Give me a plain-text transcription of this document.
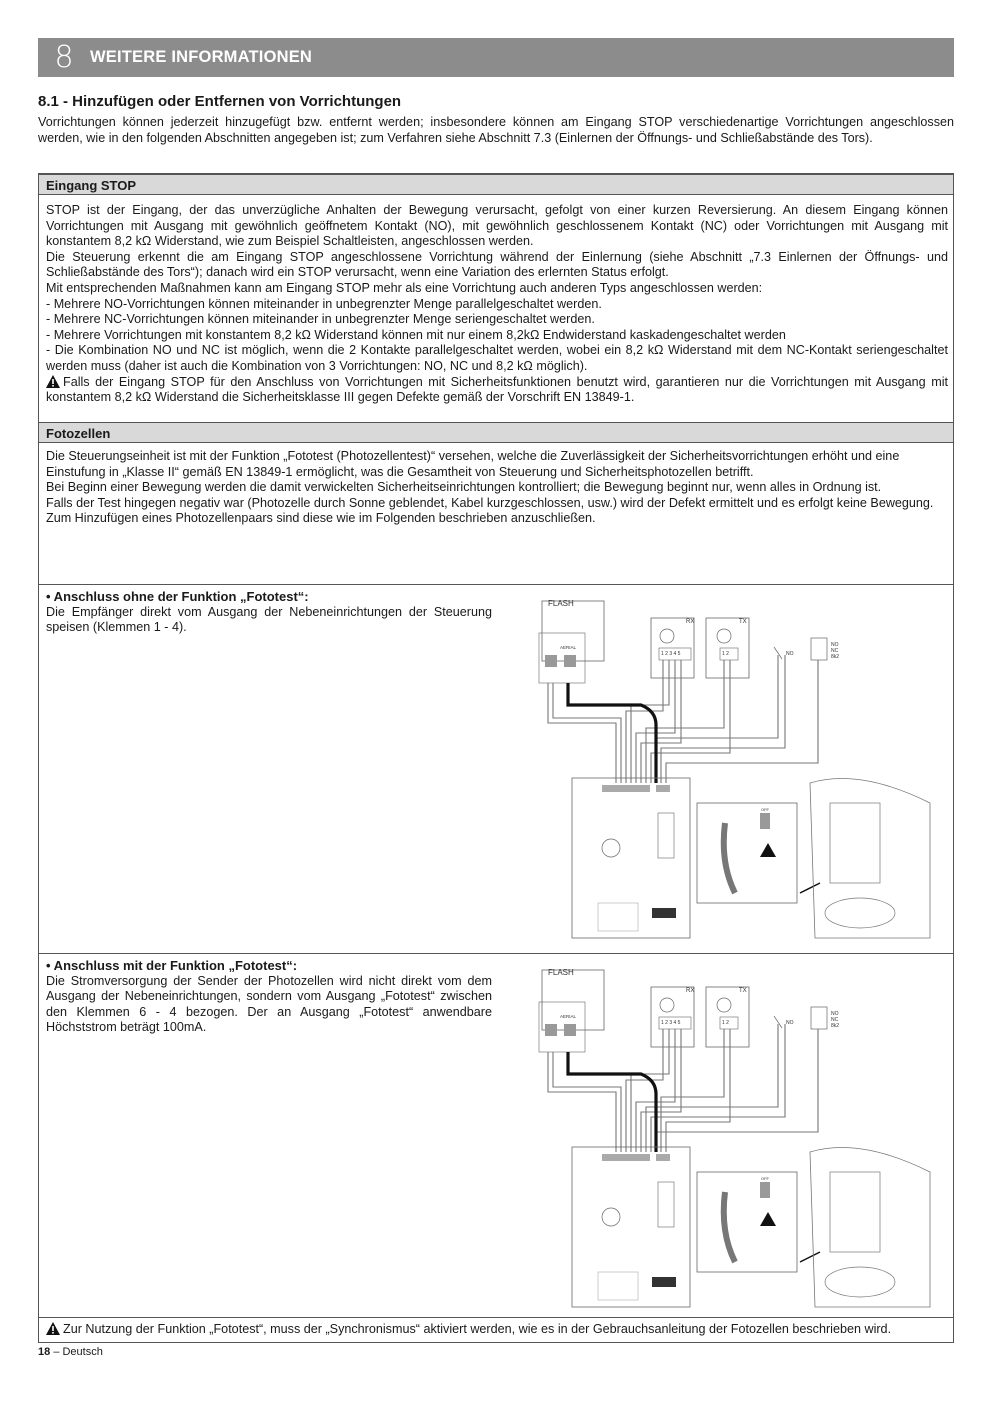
8 WEITERE INFORMATIONEN
8.1 - Hinzufügen oder Entfernen von Vorrichtungen
Vorrichtungen können jederzeit hinzugefügt bzw. entfernt werden; insbesondere können am Eingang STOP verschiedenartige Vorrichtungen angeschlossen werden, wie in den folgenden Abschnitten angegeben ist; zum Verfahren siehe Abschnitt 7.3 (Einlernen der Öffnungs- und Schließabstände des Tors).
Eingang STOP
STOP ist der Eingang, der das unverzügliche Anhalten der Bewegung verursacht, gefolgt von einer kurzen Reversierung. An diesem Eingang können Vorrichtungen mit Ausgang mit gewöhnlich geöffnetem Kontakt (NO), mit gewöhnlich geschlossenem Kontakt (NC) oder Vorrichtungen mit Ausgang mit konstantem 8,2 kΩ Widerstand, wie zum Beispiel Schaltleisten, angeschlossen werden.
Die Steuerung erkennt die am Eingang STOP angeschlossene Vorrichtung während der Einlernung (siehe Abschnitt „7.3 Einlernen der Öffnungs- und Schließabstände des Tors“); danach wird ein STOP verursacht, wenn eine Variation des erlernten Status erfolgt.
Mit entsprechenden Maßnahmen kann am Eingang STOP mehr als eine Vorrichtung auch anderen Typs angeschlossen werden:
- Mehrere NO-Vorrichtungen können miteinander in unbegrenzter Menge parallelgeschaltet werden.
- Mehrere NC-Vorrichtungen können miteinander in unbegrenzter Menge seriengeschaltet werden.
- Mehrere Vorrichtungen mit konstantem 8,2 kΩ Widerstand können mit nur einem 8,2kΩ Endwiderstand kaskadengeschaltet werden
- Die Kombination NO und NC ist möglich, wenn die 2 Kontakte parallelgeschaltet werden, wobei ein 8,2 kΩ Widerstand mit dem NC-Kontakt seriengeschaltet werden muss (daher ist auch die Kombination von 3 Vorrichtungen: NO, NC und 8,2 kΩ möglich).
Falls der Eingang STOP für den Anschluss von Vorrichtungen mit Sicherheitsfunktionen benutzt wird, garantieren nur die Vorrichtungen mit Ausgang mit konstantem 8,2 kΩ Widerstand die Sicherheitsklasse III gegen Defekte gemäß der Vorschrift EN 13849-1.
Fotozellen
Die Steuerungseinheit ist mit der Funktion „Fototest (Photozellentest)“ versehen, welche die Zuverlässigkeit der Sicherheitsvorrichtungen erhöht und eine Einstufung in „Klasse II“ gemäß EN 13849-1 ermöglicht, was die Gesamtheit von Steuerung und Sicherheitsphotozellen betrifft.
Bei Beginn einer Bewegung werden die damit verwickelten Sicherheitseinrichtungen kontrolliert; die Bewegung beginnt nur, wenn alles in Ordnung ist.
Falls der Test hingegen negativ war (Photozelle durch Sonne geblendet, Kabel kurzgeschlossen, usw.) wird der Defekt ermittelt und es erfolgt keine Bewegung.
Zum Hinzufügen eines Photozellenpaars sind diese wie im Folgenden beschrieben anzuschließen.
• Anschluss ohne der Funktion „Fototest“:
Die Empfänger direkt vom Ausgang der Nebeneinrichtungen der Steuerung speisen (Klemmen 1 - 4).
• Anschluss mit der Funktion „Fototest“:
Die Stromversorgung der Sender der Photozellen wird nicht direkt vom dem Ausgang der Nebeneinrichtungen, sondern vom Ausgang „Fototest“ zwischen den Klemmen 6 - 4 bezogen. Der an Ausgang „Fototest“ anwendbare Höchststrom beträgt 100mA.
Zur Nutzung der Funktion „Fototest“, muss der „Synchronismus“ aktiviert werden, wie es in der Gebrauchsanleitung der Fotozellen beschrieben wird.
FLASH
AERIAL
RX
1 2 3 4 5
TX
1 2	NO
NO
NC
8k2
OFF
FLASH
AERIAL
RX
1 2 3 4 5
TX
1 2	NO
NO
NC
8k2
OFF
18 – Deutsch
